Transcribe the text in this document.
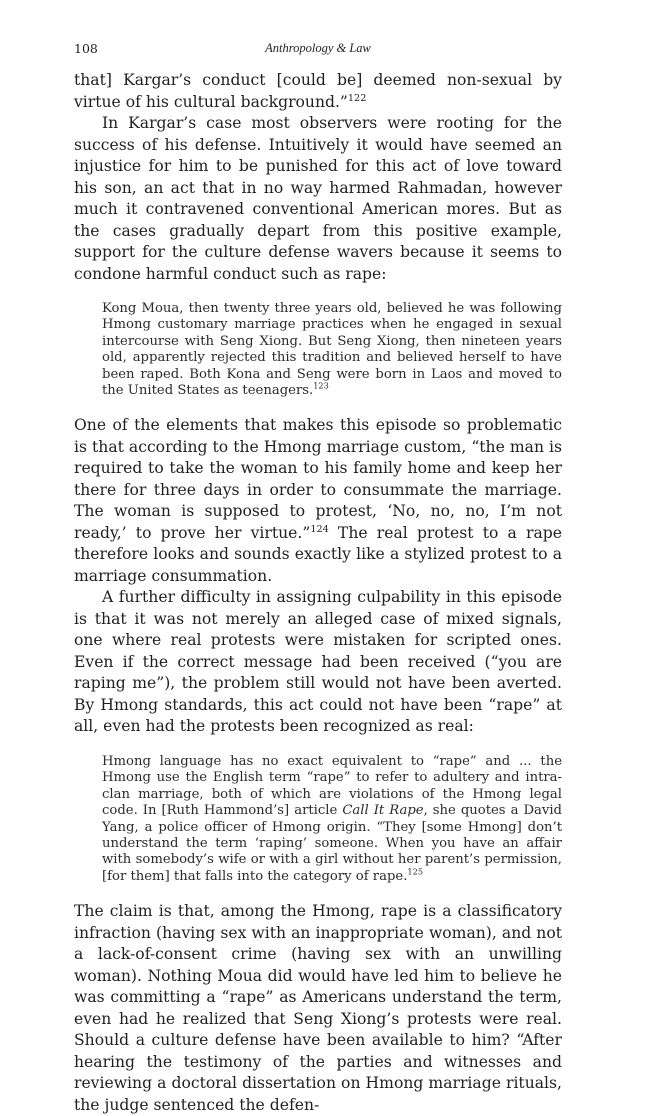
108	Anthropology & Law

that] Kargar’s conduct [could be] deemed non-sexual by virtue of his cultural background.”$^{122}$

In Kargar’s case most observers were rooting for the success of his defense. Intuitively it would have seemed an injustice for him to be punished for this act of love toward his son, an act that in no way harmed Rahmadan, however much it contravened conventional American mores. But as the cases gradually depart from this positive example, support for the culture defense wavers because it seems to condone harmful conduct such as rape:

Kong Moua, then twenty three years old, believed he was following Hmong customary marriage practices when he engaged in sexual intercourse with Seng Xiong. But Seng Xiong, then nineteen years old, apparently rejected this tradition and believed herself to have been raped. Both Kona and Seng were born in Laos and moved to the United States as teenagers.$^{123}$

One of the elements that makes this episode so problematic is that according to the Hmong marriage custom, “the man is required to take the woman to his family home and keep her there for three days in order to consummate the marriage. The woman is supposed to protest, ‘No, no, no, I’m not ready,’ to prove her virtue.”$^{124}$ The real protest to a rape therefore looks and sounds exactly like a stylized protest to a marriage consummation.

A further difficulty in assigning culpability in this episode is that it was not merely an alleged case of mixed signals, one where real protests were mistaken for scripted ones. Even if the correct message had been received (“you are raping me”), the problem still would not have been averted. By Hmong standards, this act could not have been “rape” at all, even had the protests been recognized as real:

Hmong language has no exact equivalent to “rape” and ... the Hmong use the English term “rape” to refer to adultery and intra-clan marriage, both of which are violations of the Hmong legal code. In [Ruth Hammond’s] article Call It Rape, she quotes a David Yang, a police officer of Hmong origin. “They [some Hmong] don’t understand the term ‘raping’ someone. When you have an affair with somebody’s wife or with a girl without her parent’s permission, [for them] that falls into the category of rape.$^{125}$

The claim is that, among the Hmong, rape is a classificatory infraction (having sex with an inappropriate woman), and not a lack-of-consent crime (having sex with an unwilling woman). Nothing Moua did would have led him to believe he was committing a “rape” as Americans understand the term, even had he realized that Seng Xiong’s protests were real. Should a culture defense have been available to him? “After hearing the testimony of the parties and witnesses and reviewing a doctoral dissertation on Hmong marriage rituals, the judge sentenced the defen-
